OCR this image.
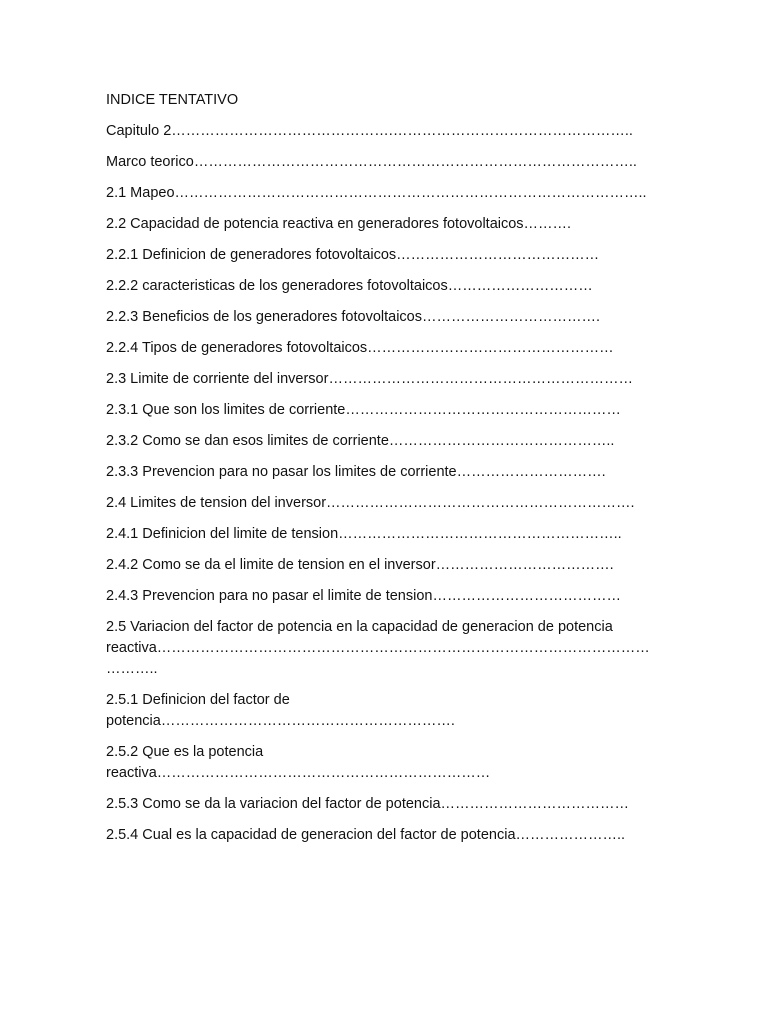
INDICE TENTATIVO

Capitulo 2……………………………………….…………………………………………..

Marco teorico………………………………………………………………………………..

2.1 Mapeo……………………………………………………………………………………..

2.2 Capacidad de potencia reactiva en generadores fotovoltaicos……….

2.2.1 Definicion de generadores fotovoltaicos……………………………………

2.2.2 caracteristicas de los generadores fotovoltaicos…………………………

2.2.3 Beneficios de los generadores fotovoltaicos……………………………….

2.2.4 Tipos de generadores fotovoltaicos……………………………………………

2.3 Limite de corriente del inversor………………………………………………………

2.3.1 Que son los limites de corriente…………………………………………………

2.3.2 Como se dan esos limites de corriente………………………………………..

2.3.3 Prevencion para no pasar los limites de corriente………………………….

2.4 Limites de tension del inversor……………………………………………………….

2.4.1 Definicion del limite de tension…………………………………………………..

2.4.2 Como se da el limite de tension en el inversor……………………………….

2.4.3 Prevencion para no pasar el limite de tension…………………………………

2.5 Variacion del factor de potencia en la capacidad de generacion de potencia
reactiva…………………………………………………………………………………………
………..

2.5.1 Definicion del factor de
potencia…………………………………………………….

2.5.2 Que es la potencia
reactiva……………………………………………………………

2.5.3 Como se da la variacion del factor de potencia…………………………………

2.5.4 Cual es la capacidad de generacion del factor de potencia…………………..
